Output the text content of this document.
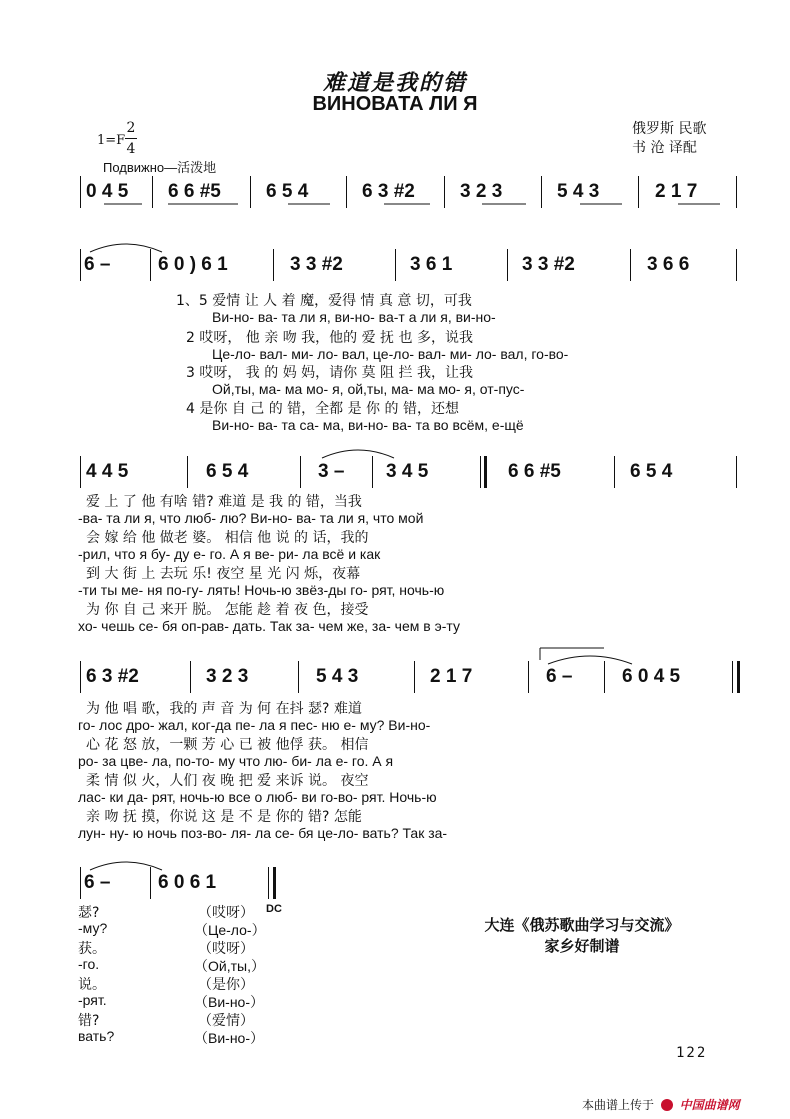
难道是我的错
ВИНОВАТА ЛИ Я
1=F
2
4
Подвижно—活泼地
俄罗斯 民歌
书 沧 译配
0 4 5 6 6 #5 6 5 4	6 3 #2 3 2 3	5 4 3	2 1 7
6 –	6 0 ) 6 1	3 3 #2	3 6 1	3 3 #2	3 6 6
1、5 爱情 让 人 着 魔，爱得 情 真 意 切，可我
Ви-но- ва- та ли я, ви-но- ва-т а ли я, ви-но-
2 哎呀， 他 亲 吻 我，他的 爱 抚 也 多，说我
Це-ло- вал- ми- ло- вал, це-ло- вал- ми- ло- вал, го-во-
3 哎呀， 我 的 妈 妈，请你 莫 阻 拦 我，让我
Ой,ты, ма- ма мо- я, ой,ты, ма- ма мо- я, от-пус-
4 是你 自 己 的 错，全都 是 你 的 错，还想
Ви-но- ва- та са- ма, ви-но- ва- та во всём, е-щё
4 4 5	6 5 4	3 – 3 4 5	6 6 #5	6 5 4
爱 上 了 他 有啥 错? 难道 是 我 的 错，当我
-ва- та ли я, что люб- лю? Ви-но- ва- та ли я, что мой
会 嫁 给 他 做老 婆。 相信 他 说 的 话，我的
-рил, что я бу- ду е- го. А я ве- ри- ла всё и как
到 大 街 上 去玩 乐! 夜空 星 光 闪 烁，夜幕
-ти ты ме- ня по-гу- лять! Ночь-ю звёз-ды го- рят, ночь-ю
为 你 自 己 来开 脱。 怎能 趁 着 夜 色，接受
хо- чешь се- бя оп-рав- дать. Так за- чем же, за- чем в э-ту
6 3 #2	3 2 3	5 4 3	2 1 7	6 –	6 0 4 5
为 他 唱 歌，我的 声 音 为 何 在抖 瑟? 难道
го- лос дро- жал, ког-да пе- ла я пес- ню е- му? Ви-но-
心 花 怒 放，一颗 芳 心 已 被 他俘 获。 相信
ро- за цве- ла, по-то- му что лю- би- ла е- го. А я
柔 情 似 火，人们 夜 晚 把 爱 来诉 说。 夜空
лас- ки да- рят, ночь-ю все о люб- ви го-во- рят. Ночь-ю
亲 吻 抚 摸，你说 这 是 不 是 你的 错? 怎能
лун- ну- ю ночь поз-во- ля- ла се- бя це-ло- вать? Так за-
6 –	6 0 6 1
瑟?
-му?
获。
-го.
说。
-рят.
错?
вать?
（哎呀） DC
（Це-ло-）
（哎呀）
（Ой,ты,）
（是你）
（Ви-но-）
（爱情）
（Ви-но-）
大连《俄苏歌曲学习与交流》
家乡好制谱
122
本曲谱上传于 中国曲谱网
